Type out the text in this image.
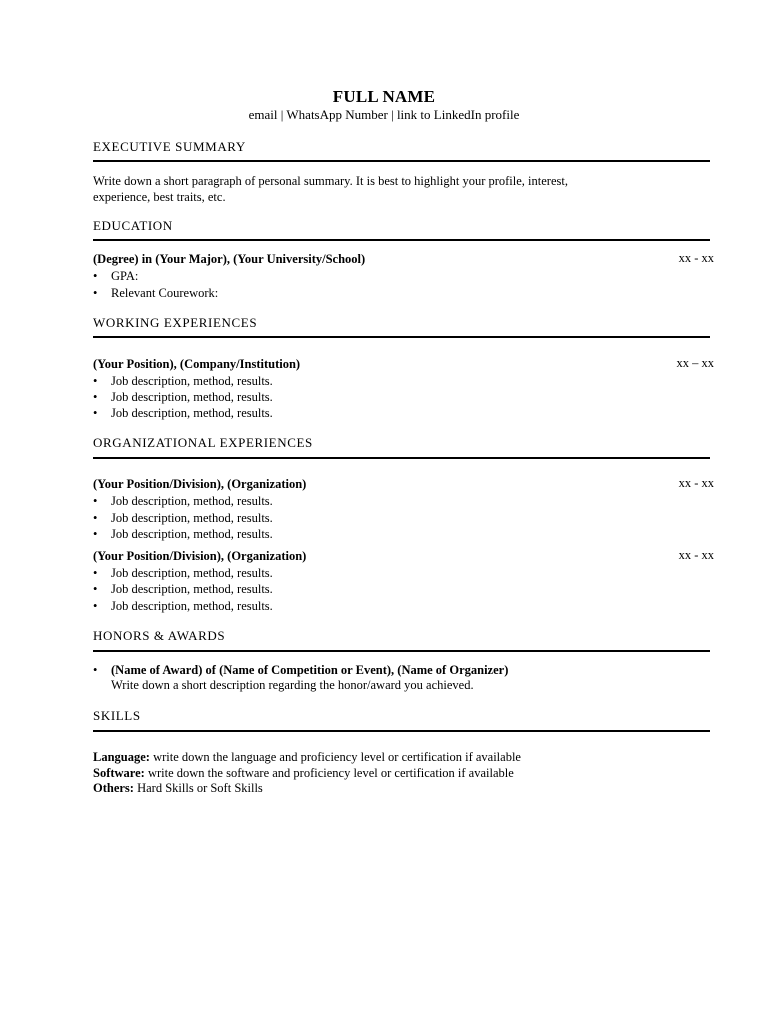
FULL NAME
email | WhatsApp Number | link to LinkedIn profile
EXECUTIVE SUMMARY
Write down a short paragraph of personal summary. It is best to highlight your profile, interest,
experience, best traits, etc.
EDUCATION
(Degree) in (Your Major), (Your University/School)	xx - xx
•	GPA:
•	Relevant Courework:
WORKING EXPERIENCES
(Your Position), (Company/Institution)	xx – xx
•	Job description, method, results.
•	Job description, method, results.
•	Job description, method, results.
ORGANIZATIONAL EXPERIENCES
(Your Position/Division), (Organization)	xx - xx
•	Job description, method, results.
•	Job description, method, results.
•	Job description, method, results.
(Your Position/Division), (Organization)	xx - xx
•	Job description, method, results.
•	Job description, method, results.
•	Job description, method, results.
HONORS & AWARDS
•	(Name of Award) of (Name of Competition or Event), (Name of Organizer)
Write down a short description regarding the honor/award you achieved.
SKILLS
Language: write down the language and proficiency level or certification if available
Software: write down the software and proficiency level or certification if available
Others: Hard Skills or Soft Skills
